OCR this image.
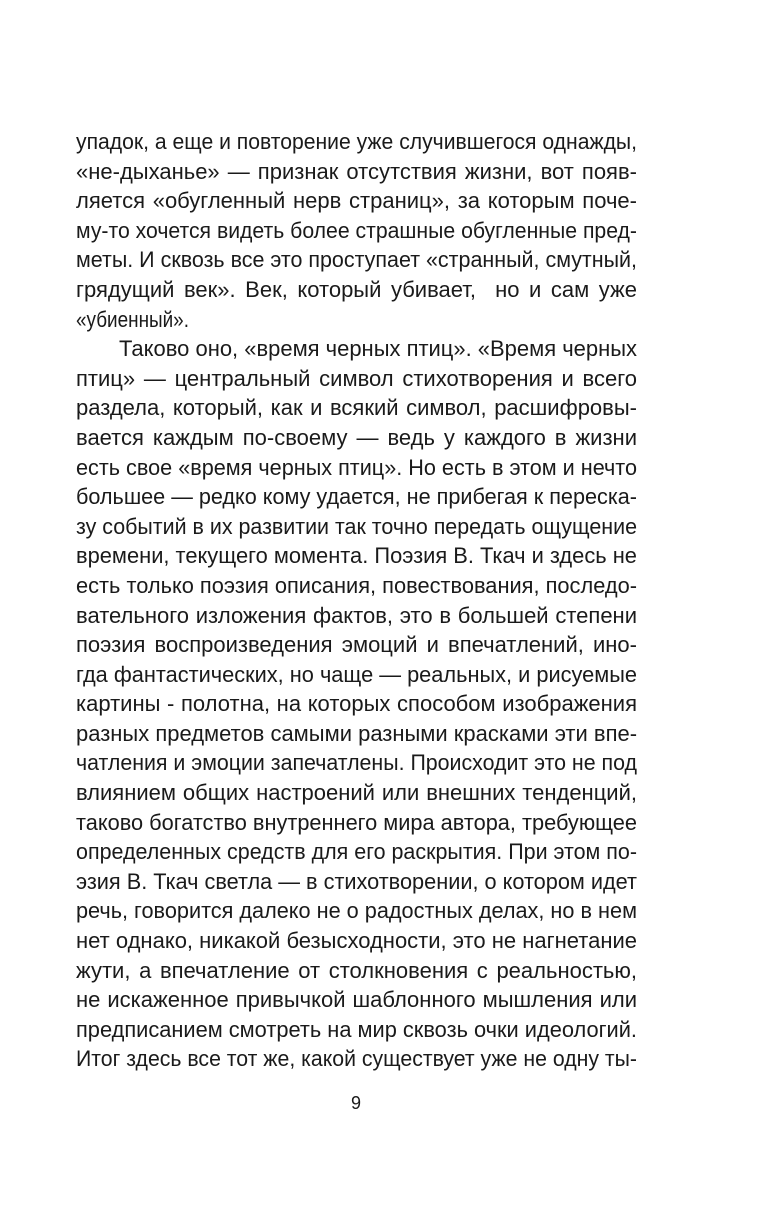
упадок, а еще и повторение уже случившегося однажды,
«не-дыханье» — признак отсутствия жизни, вот появ-
ляется «обугленный нерв страниц», за которым поче-
му-то хочется видеть более страшные обугленные пред-
меты. И сквозь все это проступает «странный, смутный,
грядущий век». Век, который убивает,  но и сам уже
«убиенный».
Таково оно, «время черных птиц». «Время черных
птиц» — центральный символ стихотворения и всего
раздела, который, как и всякий символ, расшифровы-
вается каждым по-своему — ведь у каждого в жизни
есть свое «время черных птиц». Но есть в этом и нечто
большее — редко кому удается, не прибегая к переска-
зу событий в их развитии так точно передать ощущение
времени, текущего момента. Поэзия В. Ткач и здесь не
есть только поэзия описания, повествования, последо-
вательного изложения фактов, это в большей степени
поэзия воспроизведения эмоций и впечатлений, ино-
гда фантастических, но чаще — реальных, и рисуемые
картины - полотна, на которых способом изображения
разных предметов самыми разными красками эти впе-
чатления и эмоции запечатлены. Происходит это не под
влиянием общих настроений или внешних тенденций,
таково богатство внутреннего мира автора, требующее
определенных средств для его раскрытия. При этом по-
эзия В. Ткач светла — в стихотворении, о котором идет
речь, говорится далеко не о радостных делах, но в нем
нет однако, никакой безысходности, это не нагнетание
жути, а впечатление от столкновения с реальностью,
не искаженное привычкой шаблонного мышления или
предписанием смотреть на мир сквозь очки идеологий.
Итог здесь все тот же, какой существует уже не одну ты-
9
